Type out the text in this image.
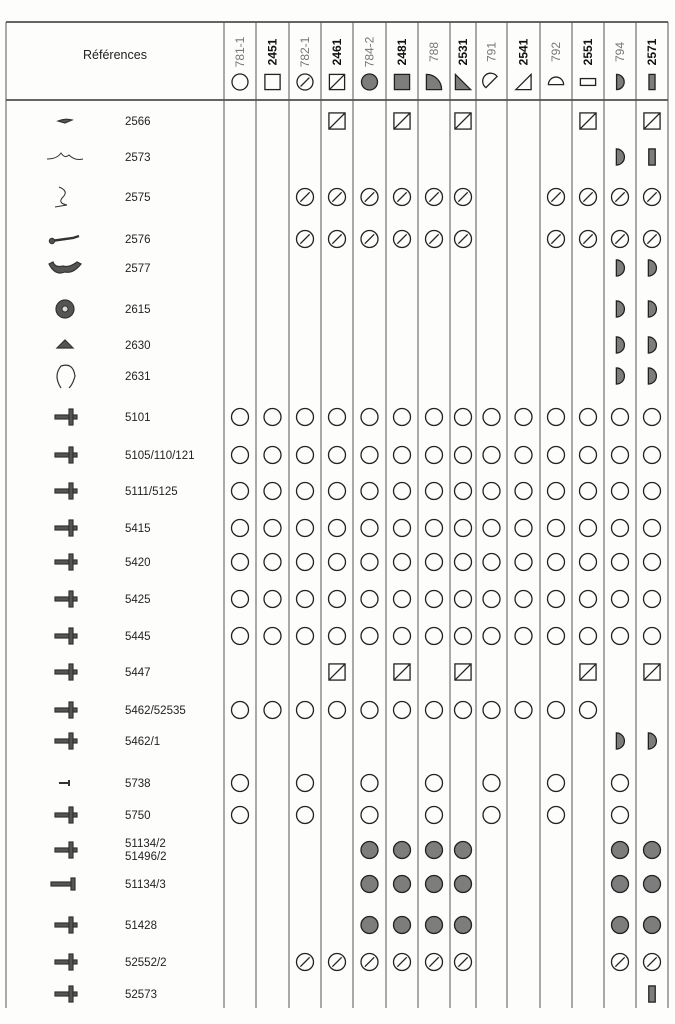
Références	781-1 2451 782-1 2461 784-2 2481 788 2531 791 2541 792 2551 794 2571
2566
2573
2575
2576
2577
2615
2630
2631
5101
5105/110/121
5111/5125
5415
5420
5425
5445
5447
5462/52535
5462/1
5738
5750
51134/2 51496/2
51134/3
51428
52552/2
52573
